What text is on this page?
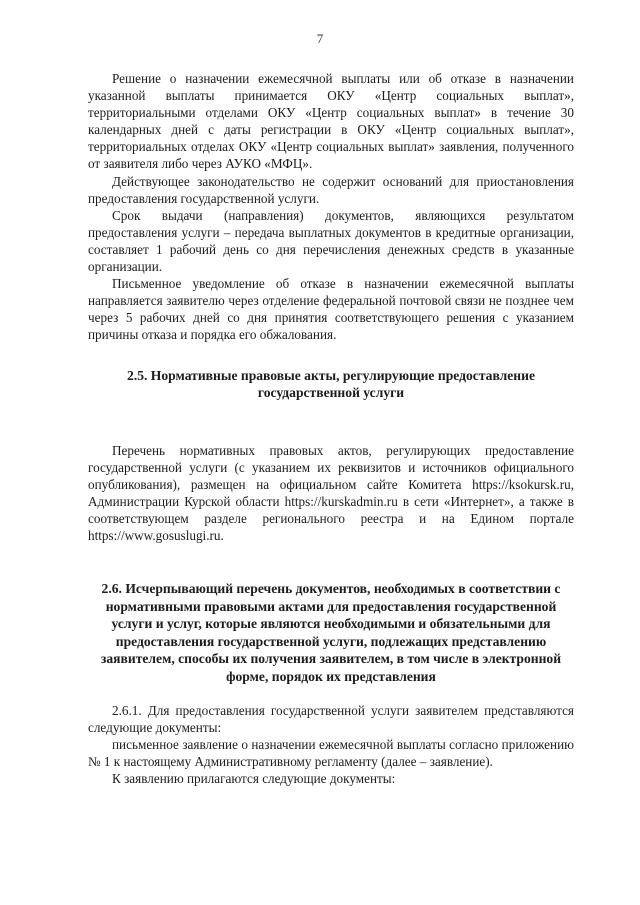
7

Решение о назначении ежемесячной выплаты или об отказе в назначении указанной выплаты принимается ОКУ «Центр социальных выплат», территориальными отделами ОКУ «Центр социальных выплат» в течение 30 календарных дней с даты регистрации в ОКУ «Центр социальных выплат», территориальных отделах ОКУ «Центр социальных выплат» заявления, полученного от заявителя либо через АУКО «МФЦ».

Действующее законодательство не содержит оснований для приостановления предоставления государственной услуги.

Срок выдачи (направления) документов, являющихся результатом предоставления услуги – передача выплатных документов в кредитные организации, составляет 1 рабочий день со дня перечисления денежных средств в указанные организации.

Письменное уведомление об отказе в назначении ежемесячной выплаты направляется заявителю через отделение федеральной почтовой связи не позднее чем через 5 рабочих дней со дня принятия соответствующего решения с указанием причины отказа и порядка его обжалования.

2.5. Нормативные правовые акты, регулирующие предоставление государственной услуги

Перечень нормативных правовых актов, регулирующих предоставление государственной услуги (с указанием их реквизитов и источников официального опубликования), размещен на официальном сайте Комитета https://ksokursk.ru, Администрации Курской области https://kurskadmin.ru в сети «Интернет», а также в соответствующем разделе регионального реестра и на Едином портале https://www.gosuslugi.ru.

2.6. Исчерпывающий перечень документов, необходимых в соответствии с нормативными правовыми актами для предоставления государственной услуги и услуг, которые являются необходимыми и обязательными для предоставления государственной услуги, подлежащих представлению заявителем, способы их получения заявителем, в том числе в электронной форме, порядок их представления

2.6.1. Для предоставления государственной услуги заявителем представляются следующие документы:

письменное заявление о назначении ежемесячной выплаты согласно приложению № 1 к настоящему Административному регламенту (далее – заявление).

К заявлению прилагаются следующие документы:
